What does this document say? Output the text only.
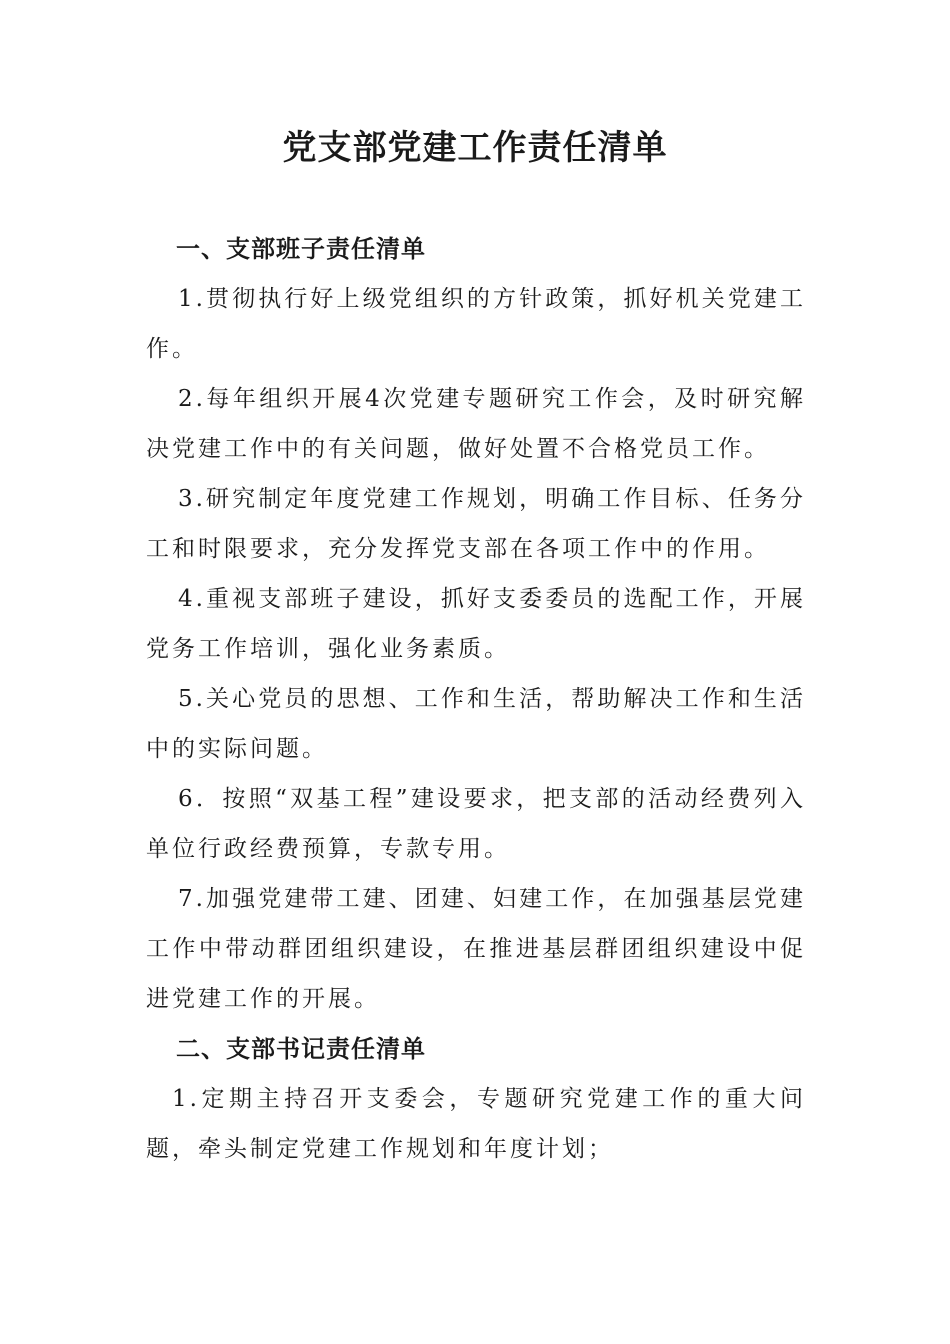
党支部党建工作责任清单
一、支部班子责任清单

1.贯彻执行好上级党组织的方针政策，抓好机关党建工作。

2.每年组织开展4次党建专题研究工作会，及时研究解决党建工作中的有关问题，做好处置不合格党员工作。

3.研究制定年度党建工作规划，明确工作目标、任务分工和时限要求，充分发挥党支部在各项工作中的作用。

4.重视支部班子建设，抓好支委委员的选配工作，开展党务工作培训，强化业务素质。

5.关心党员的思想、工作和生活，帮助解决工作和生活中的实际问题。

6．按照“双基工程”建设要求，把支部的活动经费列入单位行政经费预算，专款专用。

7.加强党建带工建、团建、妇建工作，在加强基层党建工作中带动群团组织建设，在推进基层群团组织建设中促进党建工作的开展。

二、支部书记责任清单

1.定期主持召开支委会，专题研究党建工作的重大问题，牵头制定党建工作规划和年度计划；
